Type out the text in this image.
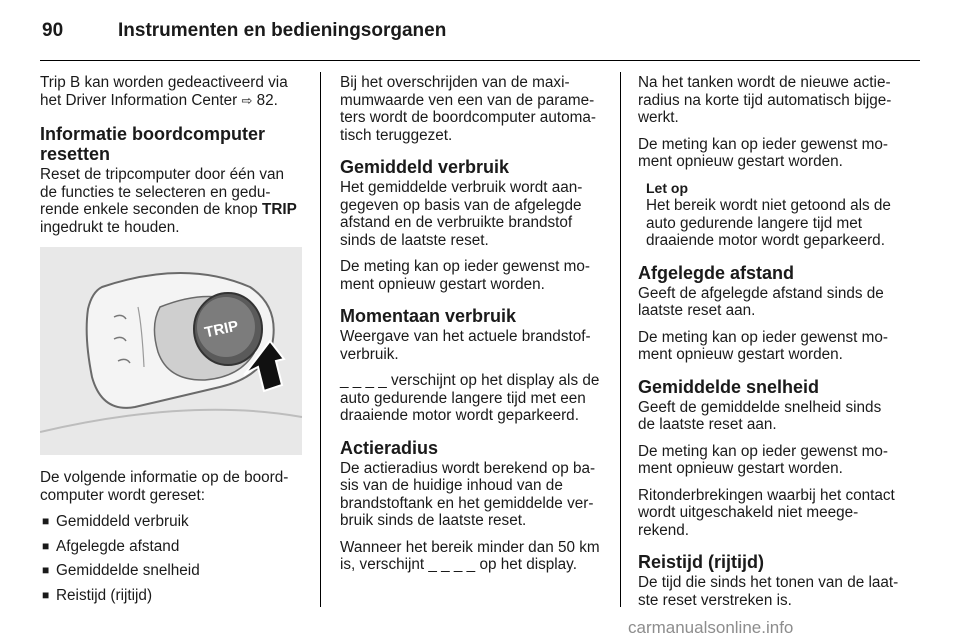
90	Instrumenten en bedieningsorganen

Trip B kan worden gedeactiveerd via het Driver Information Center ⇨ 82.

Informatie boordcomputer resetten

Reset de tripcomputer door één van de functies te selecteren en gedurende enkele seconden de knop TRIP ingedrukt te houden.

TRIP

De volgende informatie op de boordcomputer wordt gereset:

■ Gemiddeld verbruik
■ Afgelegde afstand
■ Gemiddelde snelheid
■ Reistijd (rijtijd)

Bij het overschrijden van de maximumwaarde ven een van de parameters wordt de boordcomputer automatisch teruggezet.

Gemiddeld verbruik

Het gemiddelde verbruik wordt aangegeven op basis van de afgelegde afstand en de verbruikte brandstof sinds de laatste reset.

De meting kan op ieder gewenst moment opnieuw gestart worden.

Momentaan verbruik

Weergave van het actuele brandstofverbruik.

_ _ _ _ verschijnt op het display als de auto gedurende langere tijd met een draaiende motor wordt geparkeerd.

Actieradius

De actieradius wordt berekend op basis van de huidige inhoud van de brandstoftank en het gemiddelde verbruik sinds de laatste reset.

Wanneer het bereik minder dan 50 km is, verschijnt _ _ _ _ op het display.

Na het tanken wordt de nieuwe actieradius na korte tijd automatisch bijgewerkt.

De meting kan op ieder gewenst moment opnieuw gestart worden.

Let op
Het bereik wordt niet getoond als de auto gedurende langere tijd met draaiende motor wordt geparkeerd.
Afgelegde afstand

Geeft de afgelegde afstand sinds de laatste reset aan.

De meting kan op ieder gewenst moment opnieuw gestart worden.

Gemiddelde snelheid

Geeft de gemiddelde snelheid sinds de laatste reset aan.

De meting kan op ieder gewenst moment opnieuw gestart worden.

Ritonderbrekingen waarbij het contact wordt uitgeschakeld niet meegerekend.

Reistijd (rijtijd)

De tijd die sinds het tonen van de laatste reset verstreken is.

carmanualsonline.info
